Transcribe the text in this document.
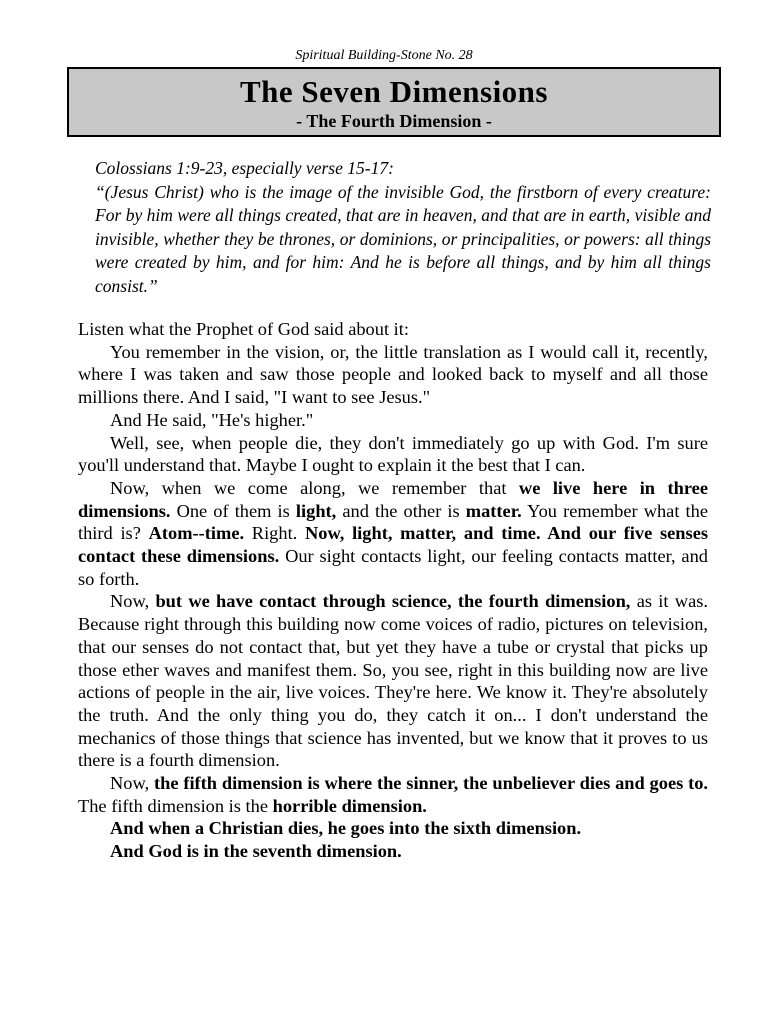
Spiritual Building-Stone No. 28
The Seven Dimensions
- The Fourth Dimension -

Colossians 1:9-23, especially verse 15-17:

“(Jesus Christ) who is the image of the invisible God, the firstborn of every creature: For by him were all things created, that are in heaven, and that are in earth, visible and invisible, whether they be thrones, or dominions, or principalities, or powers: all things were created by him, and for him: And he is before all things, and by him all things consist.”

Listen what the Prophet of God said about it:

You remember in the vision, or, the little translation as I would call it, recently, where I was taken and saw those people and looked back to myself and all those millions there. And I said, "I want to see Jesus."

And He said, "He's higher."

Well, see, when people die, they don't immediately go up with God. I'm sure you'll understand that. Maybe I ought to explain it the best that I can.

Now, when we come along, we remember that we live here in three dimensions. One of them is light, and the other is matter. You remember what the third is? Atom--time. Right. Now, light, matter, and time. And our five senses contact these dimensions. Our sight contacts light, our feeling contacts matter, and so forth.

Now, but we have contact through science, the fourth dimension, as it was. Because right through this building now come voices of radio, pictures on television, that our senses do not contact that, but yet they have a tube or crystal that picks up those ether waves and manifest them. So, you see, right in this building now are live actions of people in the air, live voices. They're here. We know it. They're absolutely the truth. And the only thing you do, they catch it on... I don't understand the mechanics of those things that science has invented, but we know that it proves to us there is a fourth dimension.

Now, the fifth dimension is where the sinner, the unbeliever dies and goes to. The fifth dimension is the horrible dimension.

And when a Christian dies, he goes into the sixth dimension.

And God is in the seventh dimension.
